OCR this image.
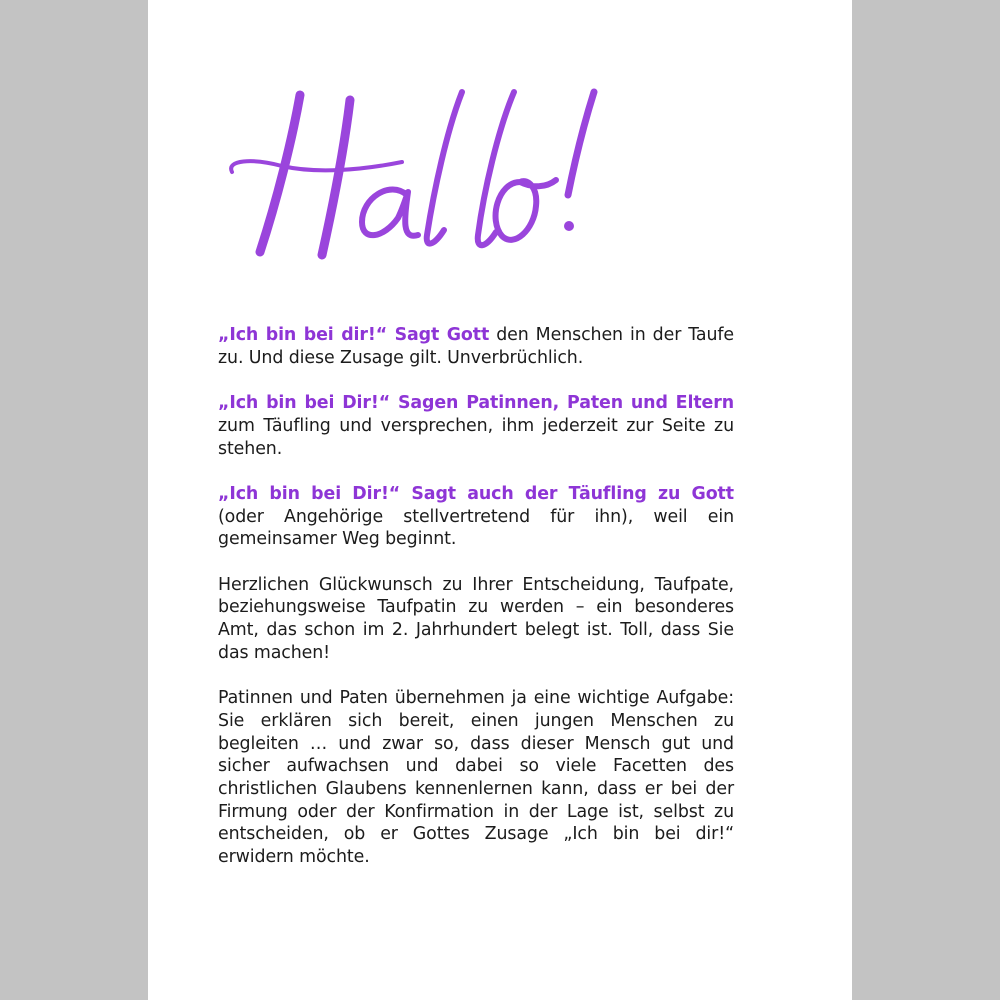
„Ich bin bei dir!“ Sagt Gott den Menschen in der Taufe zu. Und diese Zusage gilt. Unverbrüchlich.

„Ich bin bei Dir!“ Sagen Patinnen, Paten und Eltern zum Täufling und versprechen, ihm jederzeit zur Seite zu stehen.

„Ich bin bei Dir!“ Sagt auch der Täufling zu Gott (oder Angehörige stellvertretend für ihn), weil ein gemeinsamer Weg beginnt.

Herzlichen Glückwunsch zu Ihrer Entscheidung, Taufpate, beziehungsweise Taufpatin zu werden – ein besonderes Amt, das schon im 2. Jahrhundert belegt ist. Toll, dass Sie das machen!

Patinnen und Paten übernehmen ja eine wichtige Aufgabe: Sie erklären sich bereit, einen jungen Menschen zu begleiten … und zwar so, dass dieser Mensch gut und sicher aufwachsen und dabei so viele Facetten des christlichen Glaubens kennenlernen kann, dass er bei der Firmung oder der Konfirmation in der Lage ist, selbst zu entscheiden, ob er Gottes Zusage „Ich bin bei dir!“ erwidern möchte.
